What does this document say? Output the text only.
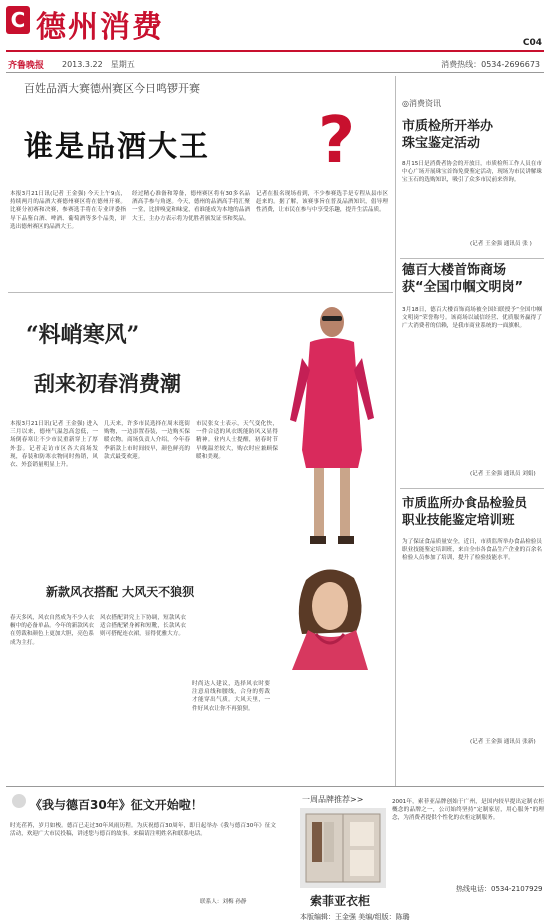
C 德州消费	C04
齐鲁晚报 2013.3.22　 星期五	消费热线：0534-2696673
百姓品酒大赛德州赛区今日鸣锣开赛
谁是品酒大王 ?
本报3月21日讯(记者 王金强) 今天上午9点，持续两月的品酒大赛德州赛区将在德州开赛。比赛分初赛和决赛，参赛选手将在专业评委指导下品鉴白酒、啤酒、葡萄酒等多个品类，评选出德州赛区的品酒大王。
经过精心准备和筹备，德州赛区将有30多名品酒高手参与角逐。今天，德州的品酒高手将汇聚一堂，比拼嗅觉和味觉，看谁能成为本地的品酒大王，主办方表示将为优胜者颁发证书和奖品。
记者在报名现场看到，不少参赛选手是专程从县市区赶来的。据了解，该赛事旨在普及品酒知识，倡导理性消费，让市民在参与中享受乐趣，提升生活品质。
“料峭寒风”
刮来初春消费潮
本报3月21日讯(记者 王金强) 进入三月以来，德州气温忽高忽低，一场倒春寒让不少市民重新穿上了厚外套。记者走访市区各大商场发现，春装和防寒衣物同时热销，风衣、外套销量明显上升。
几天来，许多市民选择在周末逛街购物，一边添置春装，一边购买保暖衣物。商场负责人介绍，今年春季新款上市时间较早，颜色鲜亮的款式最受欢迎。
市民张女士表示，天气变化快，一件合适的风衣既能防风又显得精神。业内人士提醒，初春时节早晚温差较大，购衣时应兼顾保暖和美观。
新款风衣搭配 大风天不狼狈
春天多风，风衣自然成为不少人衣橱中的必备单品。今年的新款风衣在剪裁和颜色上更加大胆，亮色系成为主打。
风衣搭配讲究上下协调，短款风衣适合搭配紧身裤和短靴，长款风衣则可搭配连衣裙，显得优雅大方。
时尚达人建议，选择风衣时要注意肩线和腰线，合身的剪裁才能穿出气质。大风天里，一件好风衣让你不再狼狈。
◎消费资讯
市质检所开举办
珠宝鉴定活动
8月15日是消费者协会的开放日，市质检所工作人员在市中心广场开展珠宝首饰免费鉴定活动，现场为市民讲解珠宝玉石的选购知识，吸引了众多市民前来咨询。
(记者 王金强 通讯员 张 )
德百大楼首饰商场
获“全国巾帼文明岗”
3月18日，德百大楼首饰商场被全国妇联授予“全国巾帼文明岗”荣誉称号。该商场以诚信经营、优质服务赢得了广大消费者的信赖，是我市商业系统的一面旗帜。
(记者 王金强 通讯员 刘娟)
市质监所办食品检验员
职业技能鉴定培训班
为了保证食品质量安全，近日，市质监所举办食品检验员职业技能鉴定培训班，来自全市各食品生产企业的百余名检验人员参加了培训，提升了检验技能水平。
(记者 王金强 通讯员 张新)
《我与德百30年》征文开始啦！
时光荏苒，岁月如梭。德百已走过30年风雨历程。为庆祝德百30周年，即日起举办《我与德百30年》征文活动，欢迎广大市民投稿，讲述您与德百的故事。来稿请注明姓名和联系电话。
联系人：刘梅 孙静
一周品牌推荐>>
索菲亚衣柜
2001年，索菲亚品牌创始于广州，是国内较早提出定制衣柜概念的品牌之一，公司始终坚持“定制家居，用心服务”的理念，为消费者提供个性化的衣柜定制服务。
热线电话：0534-2107929
本版编辑：王金强 美编/组版：陈璐
